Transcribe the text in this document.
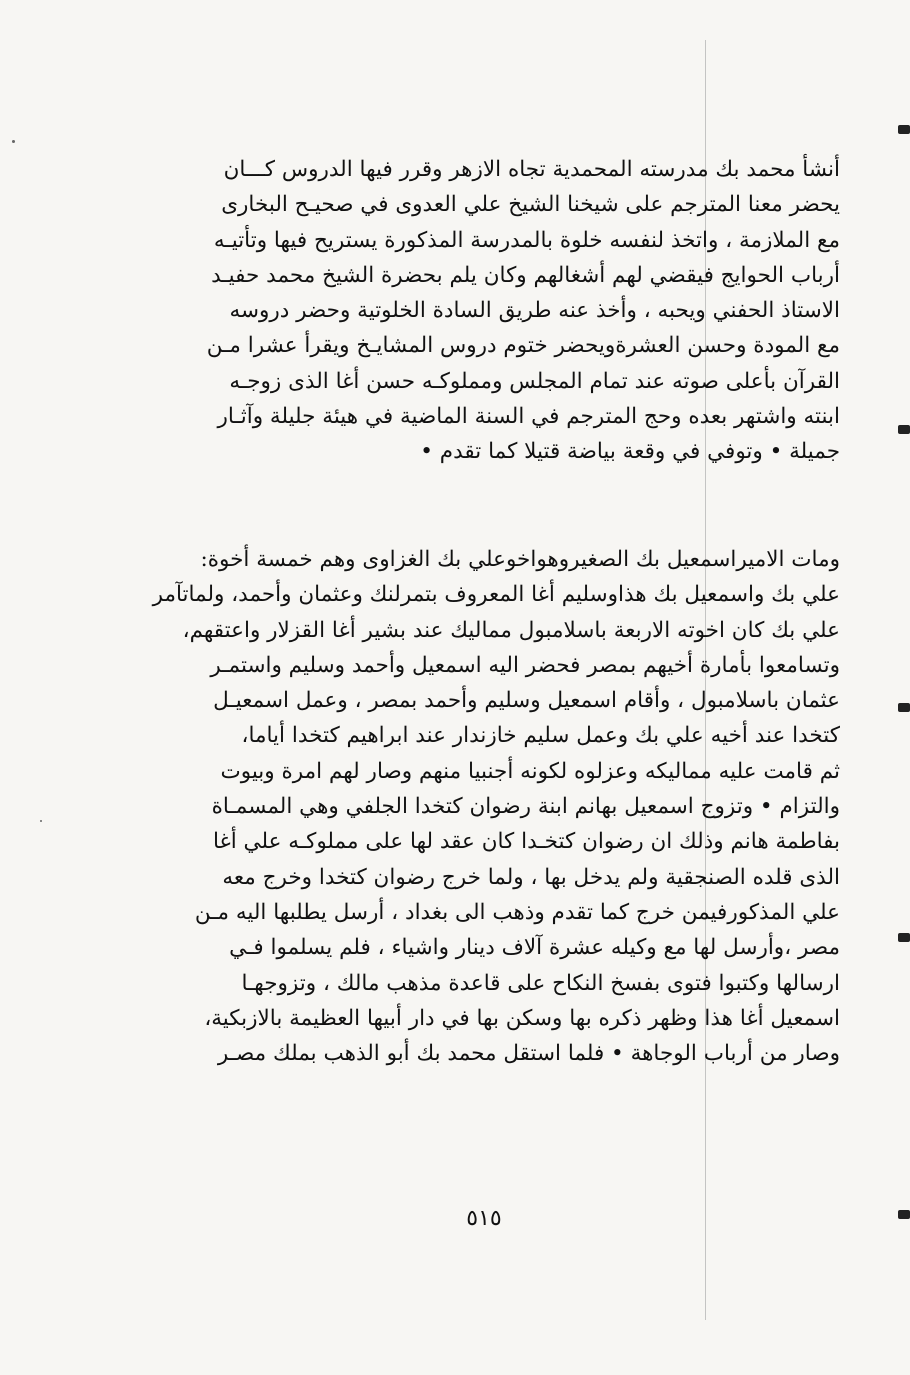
أنشأ محمد بك مدرسته المحمدية تجاه الازهر وقرر فيها الدروس كـــان
يحضر معنا المترجم على شيخنا الشيخ علي العدوى في صحيـح البخارى
مع الملازمة ، واتخذ لنفسه خلوة بالمدرسة المذكورة يستريح فيها وتأتيـه
أرباب الحوايج فيقضي لهم أشغالهم وكان يلم بحضرة الشيخ محمد حفيـد
الاستاذ الحفني ويحبه ، وأخذ عنه طريق السادة الخلوتية وحضر دروسه
مع المودة وحسن العشرةويحضر ختوم دروس المشايـخ ويقرأ عشرا مـن
القرآن بأعلى صوته عند تمام المجلس ومملوكـه حسن أغا الذى زوجـه
ابنته واشتهر بعده وحج المترجم في السنة الماضية في هيئة جليلة وآثـار
جميلة • وتوفي في وقعة بياضة قتيلا كما تقدم •
ومات الاميراسمعيل بك الصغيروهواخوعلي بك الغزاوى وهم خمسة أخوة:
علي بك واسمعيل بك هذاوسليم أغا المعروف بتمرلنك وعثمان وأحمد، ولماتآمر
علي بك كان اخوته الاربعة باسلامبول مماليك عند بشير أغا القزلار واعتقهم،
وتسامعوا بأمارة أخيهم بمصر فحضر اليه اسمعيل وأحمد وسليم واستمـر
عثمان باسلامبول ، وأقام اسمعيل وسليم وأحمد بمصر ، وعمل اسمعيـل
كتخدا عند أخيه علي بك وعمل سليم خازندار عند ابراهيم كتخدا أياما،
ثم قامت عليه مماليكه وعزلوه لكونه أجنبيا منهم وصار لهم امرة وبيوت
والتزام • وتزوج اسمعيل بهانم ابنة رضوان كتخدا الجلفي وهي المسمـاة
بفاطمة هانم وذلك ان رضوان كتخـدا كان عقد لها على مملوكـه علي أغا
الذى قلده الصنجقية ولم يدخل بها ، ولما خرج رضوان كتخدا وخرج معه
علي المذكورفيمن خرج كما تقدم وذهب الى بغداد ، أرسل يطلبها اليه مـن
مصر ،وأرسل لها مع وكيله عشرة آلاف دينار واشياء ، فلم يسلموا فـي
ارسالها وكتبوا فتوى بفسخ النكاح على قاعدة مذهب مالك ، وتزوجهـا
اسمعيل أغا هذا وظهر ذكره بها وسكن بها في دار أبيها العظيمة بالازبكية،
وصار من أرباب الوجاهة • فلما استقل محمد بك أبو الذهب بملك مصـر
٥١٥
